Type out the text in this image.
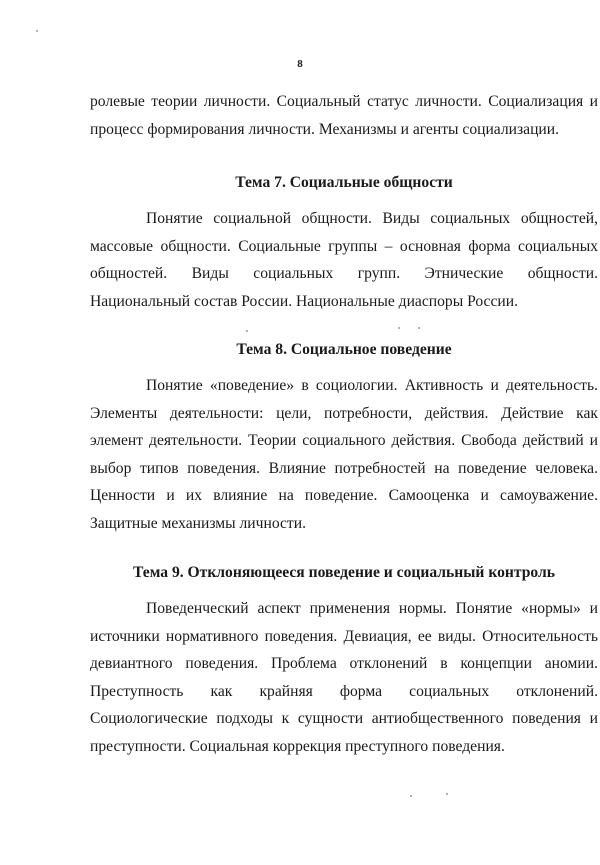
8

ролевые теории личности. Социальный статус личности. Социализация и процесс формирования личности. Механизмы и агенты социализации.

Тема 7. Социальные общности

Понятие социальной общности. Виды социальных общностей, массовые общности. Социальные группы – основная форма социальных общностей. Виды социальных групп. Этнические общности. Национальный состав России. Национальные диаспоры России.

Тема 8. Социальное поведение

Понятие «поведение» в социологии. Активность и деятельность. Элементы деятельности: цели, потребности, действия. Действие как элемент деятельности. Теории социального действия. Свобода действий и выбор типов поведения. Влияние потребностей на поведение человека. Ценности и их влияние на поведение. Самооценка и самоуважение. Защитные механизмы личности.

Тема 9. Отклоняющееся поведение и социальный контроль

Поведенческий аспект применения нормы. Понятие «нормы» и источники нормативного поведения. Девиация, ее виды. Относительность девиантного поведения. Проблема отклонений в концепции аномии. Преступность как крайняя форма социальных отклонений. Социологические подходы к сущности антиобщественного поведения и преступности. Социальная коррекция преступного поведения.
